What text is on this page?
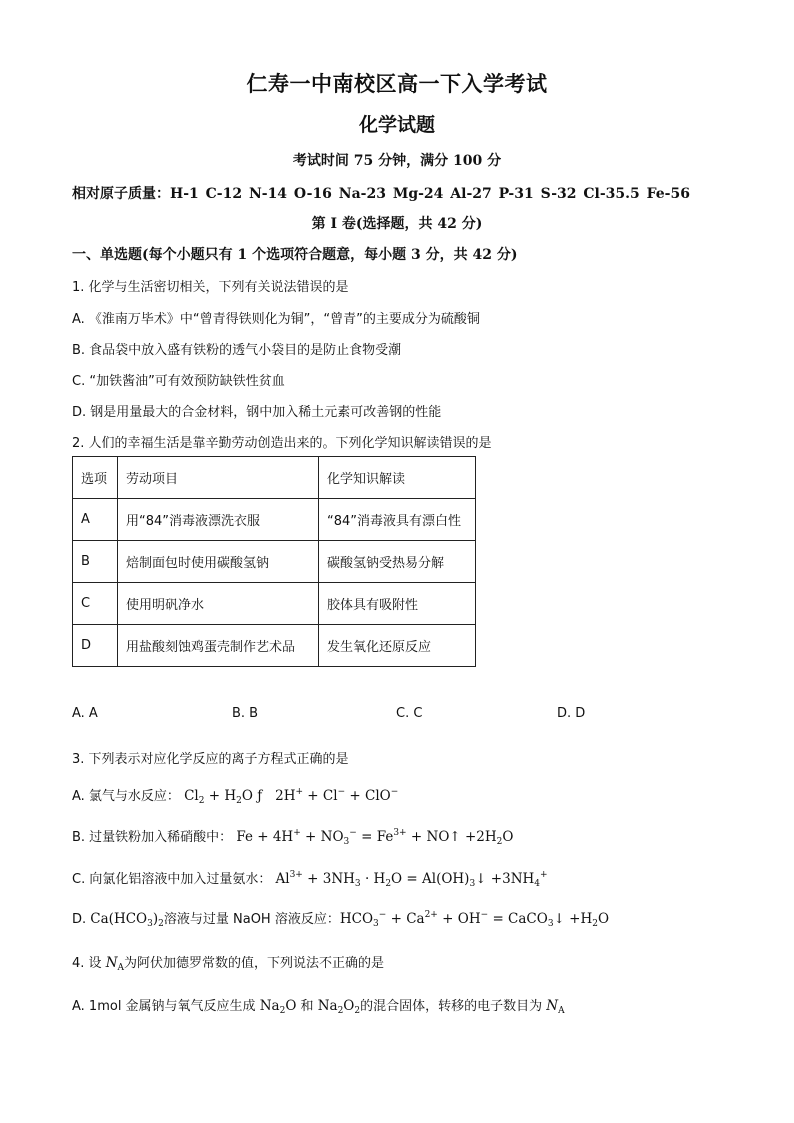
仁寿一中南校区高一下入学考试
化学试题
考试时间 75 分钟，满分 100 分
相对原子质量：H-1 C-12 N-14 O-16 Na-23 Mg-24 Al-27 P-31 S-32 Cl-35.5 Fe-56
第 I 卷(选择题，共 42 分)
一、单选题(每个小题只有 1 个选项符合题意，每小题 3 分，共 42 分)
1. 化学与生活密切相关，下列有关说法错误的是
A. 《淮南万毕术》中“曾青得铁则化为铜”，“曾青”的主要成分为硫酸铜
B. 食品袋中放入盛有铁粉的透气小袋目的是防止食物受潮
C. “加铁酱油”可有效预防缺铁性贫血
D. 钢是用量最大的合金材料，钢中加入稀土元素可改善钢的性能
2. 人们的幸福生活是靠辛勤劳动创造出来的。下列化学知识解读错误的是
选项	劳动项目	化学知识解读
A	用“84”消毒液漂洗衣服	“84”消毒液具有漂白性
B	焙制面包时使用碳酸氢钠	碳酸氢钠受热易分解
C	使用明矾净水	胶体具有吸附性
D	用盐酸刻蚀鸡蛋壳制作艺术品	发生氧化还原反应
A. A	B. B	C. C	D. D
3. 下列表示对应化学反应的离子方程式正确的是
A. 氯气与水反应： $Cl_2 + H_2O$ ƒ   2H+ + Cl− + ClO−
B. 过量铁粉加入稀硝酸中： $Fe + 4H^+ + NO_3^- = Fe^{3+}$ + NO↑ $+2H_2O$
C. 向氯化铝溶液中加入过量氨水： $Al^{3+} + 3NH_3 \cdot H_2O$ = $Al(OH)_3↓ +3NH_4^+$
D. $Ca(HCO_3)_2$溶液与过量 NaOH 溶液反应：$HCO_3^- + Ca^{2+} + OH^-$ = CaCO$_3$↓ $+H_2O$
4. 设 $N_A$为阿伏加德罗常数的值，下列说法不正确的是
A. 1mol 金属钠与氧气反应生成 $Na_2O$ 和 $Na_2O_2$的混合固体，转移的电子数目为 $N_A$
